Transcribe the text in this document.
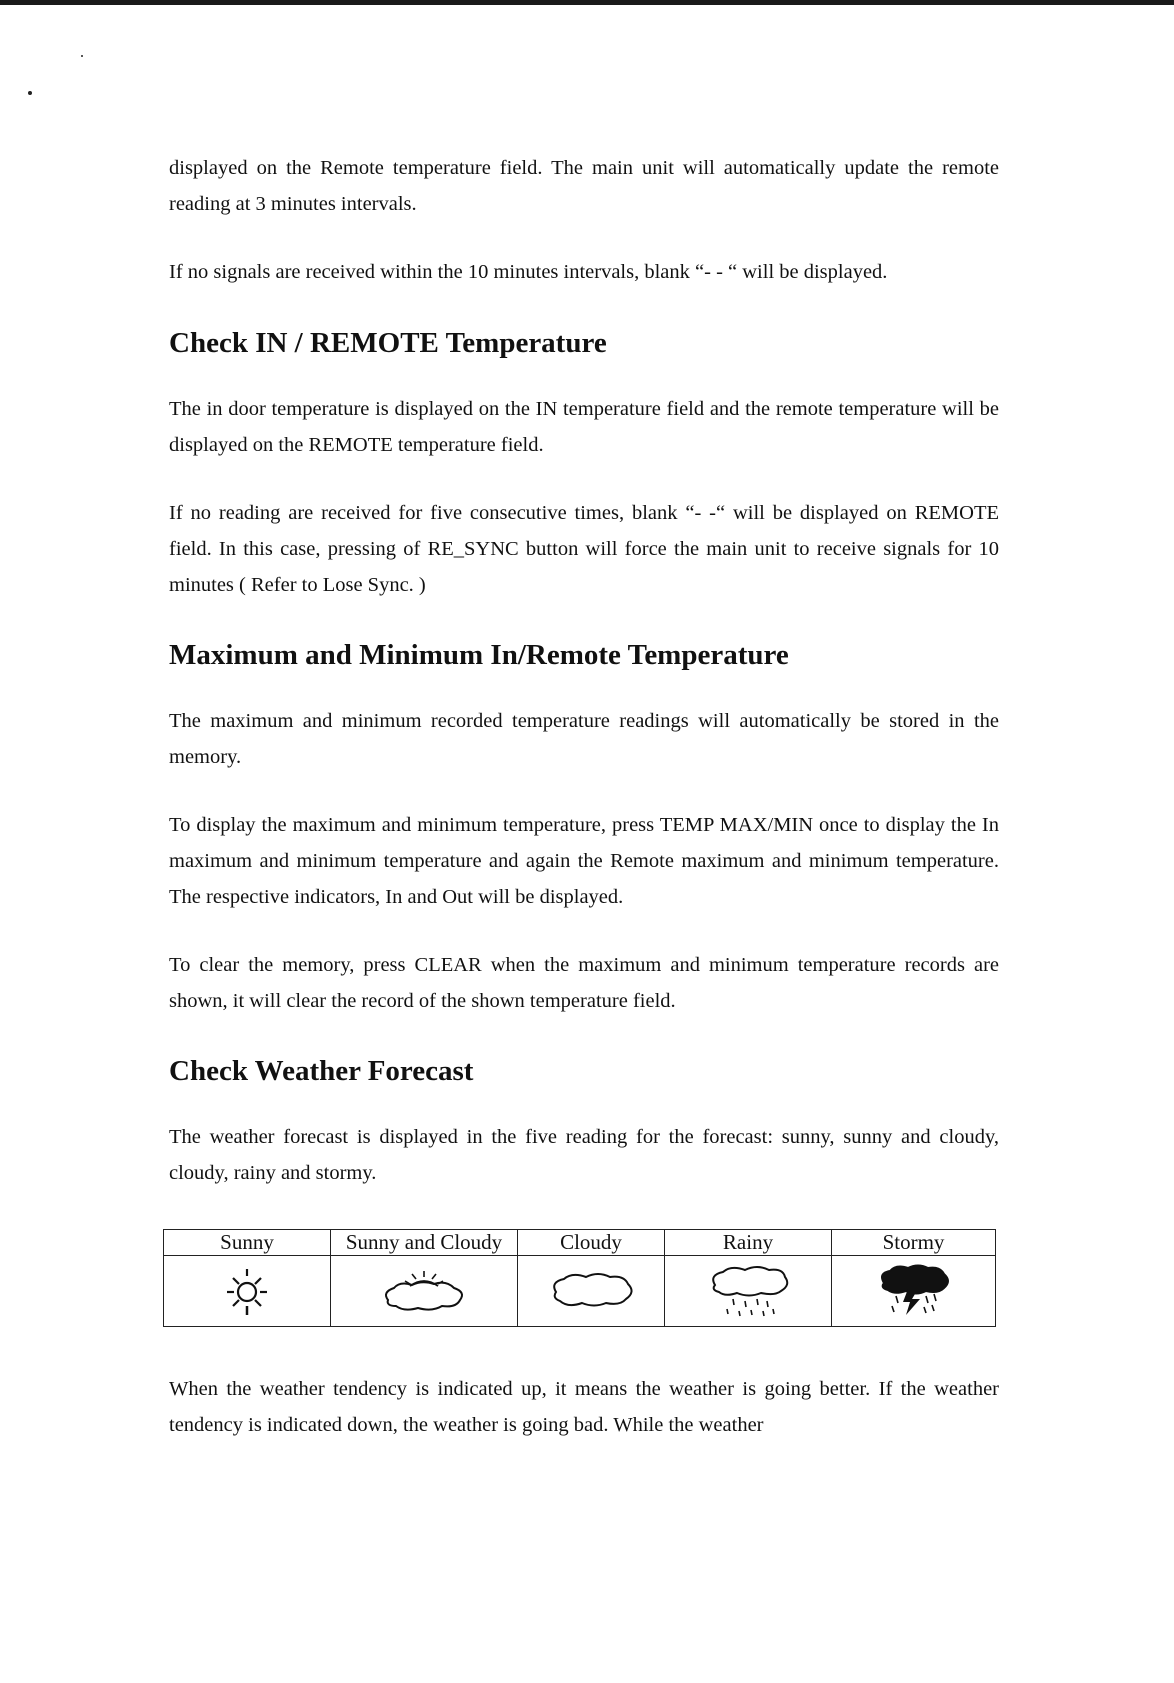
displayed on the Remote temperature field. The main unit will automatically update the remote reading at 3 minutes intervals.

If no signals are received within the 10 minutes intervals, blank “- - “ will be displayed.

Check IN / REMOTE Temperature

The in door temperature is displayed on the IN temperature field and the remote temperature will be displayed on the REMOTE temperature field.

If no reading are received for five consecutive times, blank “- -“ will be displayed on REMOTE field. In this case, pressing of RE_SYNC button will force the main unit to receive signals for 10 minutes ( Refer to Lose Sync. )

Maximum and Minimum In/Remote Temperature

The maximum and minimum recorded temperature readings will automatically be stored in the memory.

To display the maximum and minimum temperature, press TEMP MAX/MIN once to display the In maximum and minimum temperature and again the Remote maximum and minimum temperature. The respective indicators, In and Out will be displayed.

To clear the memory, press CLEAR when the maximum and minimum temperature records are shown, it will clear the record of the shown temperature field.

Check Weather Forecast

The weather forecast is displayed in the five reading for the forecast: sunny, sunny and cloudy, cloudy, rainy and stormy.

Sunny	Sunny and Cloudy	Cloudy	Rainy	Stormy

When the weather tendency is indicated up, it means the weather is going better. If the weather tendency is indicated down, the weather is going bad. While the weather
